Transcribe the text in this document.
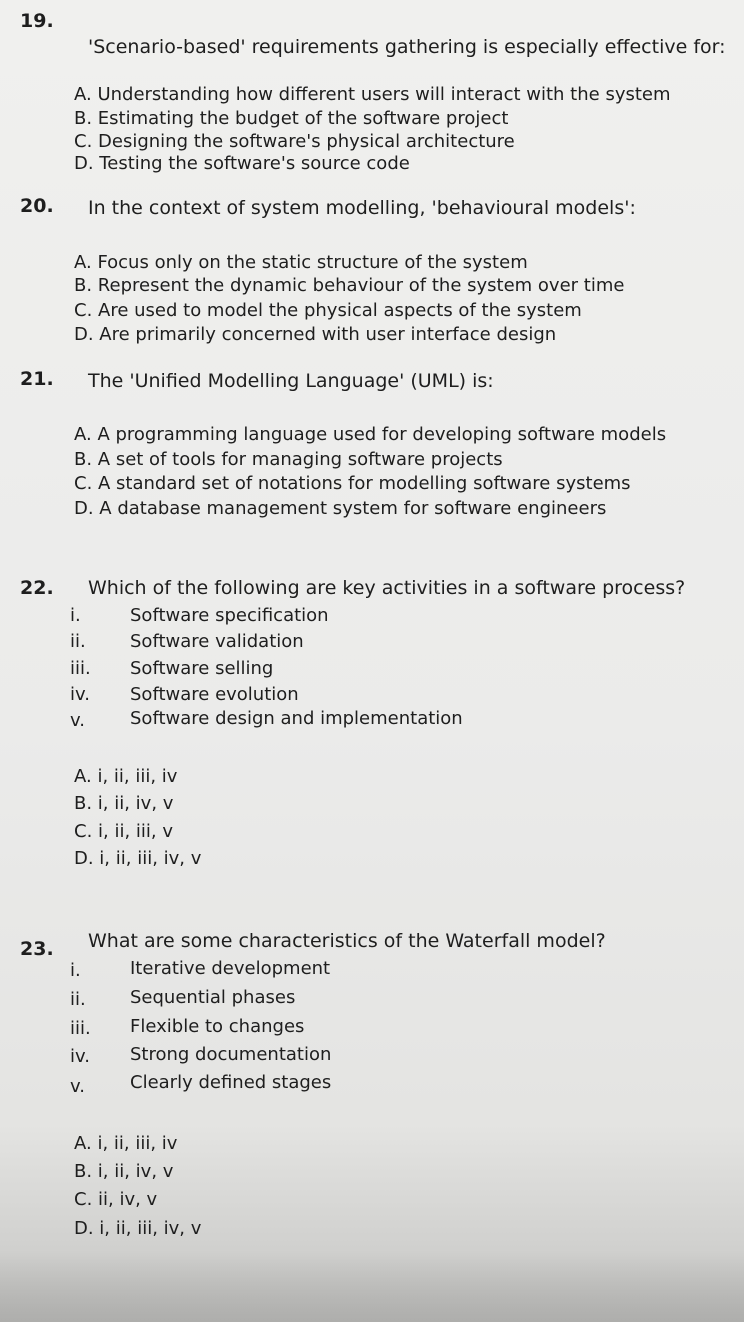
19.
'Scenario-based' requirements gathering is especially effective for:
A. Understanding how different users will interact with the system
B. Estimating the budget of the software project
C. Designing the software's physical architecture
D. Testing the software's source code
20. In the context of system modelling, 'behavioural models':
A. Focus only on the static structure of the system
B. Represent the dynamic behaviour of the system over time
C. Are used to model the physical aspects of the system
D. Are primarily concerned with user interface design
21. The 'Unified Modelling Language' (UML) is:
A. A programming language used for developing software models
B. A set of tools for managing software projects
C. A standard set of notations for modelling software systems
D. A database management system for software engineers
22. Which of the following are key activities in a software process?
i.	Software specification
ii. Software validation
iii. Software selling
iv. Software evolution
v.	Software design and implementation
A. i, ii, iii, iv
B. i, ii, iv, v
C. i, ii, iii, v
D. i, ii, iii, iv, v
23. What are some characteristics of the Waterfall model?
i.	Iterative development
ii. Sequential phases
iii. Flexible to changes
iv. Strong documentation
v.	Clearly defined stages
A. i, ii, iii, iv
B. i, ii, iv, v
C. ii, iv, v
D. i, ii, iii, iv, v
